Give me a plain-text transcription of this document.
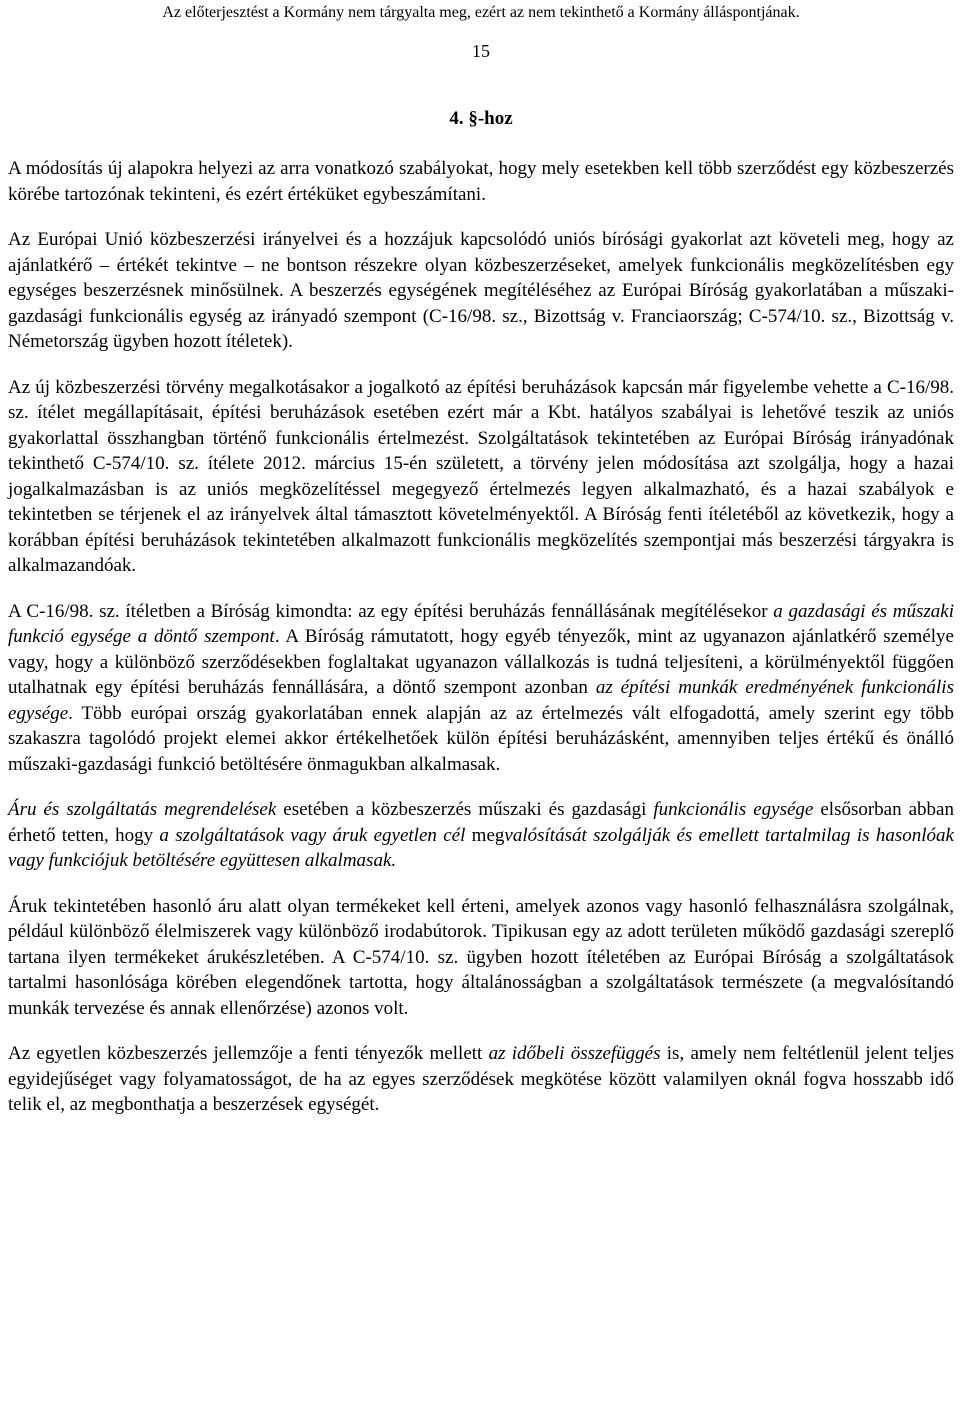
Az előterjesztést a Kormány nem tárgyalta meg, ezért az nem tekinthető a Kormány álláspontjának.
15
4. §-hoz

A módosítás új alapokra helyezi az arra vonatkozó szabályokat, hogy mely esetekben kell több szerződést egy közbeszerzés körébe tartozónak tekinteni, és ezért értéküket egybeszámítani.

Az Európai Unió közbeszerzési irányelvei és a hozzájuk kapcsolódó uniós bírósági gyakorlat azt követeli meg, hogy az ajánlatkérő – értékét tekintve – ne bontson részekre olyan közbeszerzéseket, amelyek funkcionális megközelítésben egy egységes beszerzésnek minősülnek. A beszerzés egységének megítéléséhez az Európai Bíróság gyakorlatában a műszaki-gazdasági funkcionális egység az irányadó szempont (C-16/98. sz., Bizottság v. Franciaország; C-574/10. sz., Bizottság v. Németország ügyben hozott ítéletek).

Az új közbeszerzési törvény megalkotásakor a jogalkotó az építési beruházások kapcsán már figyelembe vehette a C-16/98. sz. ítélet megállapításait, építési beruházások esetében ezért már a Kbt. hatályos szabályai is lehetővé teszik az uniós gyakorlattal összhangban történő funkcionális értelmezést. Szolgáltatások tekintetében az Európai Bíróság irányadónak tekinthető C-574/10. sz. ítélete 2012. március 15-én született, a törvény jelen módosítása azt szolgálja, hogy a hazai jogalkalmazásban is az uniós megközelítéssel megegyező értelmezés legyen alkalmazható, és a hazai szabályok e tekintetben se térjenek el az irányelvek által támasztott követelményektől. A Bíróság fenti ítéletéből az következik, hogy a korábban építési beruházások tekintetében alkalmazott funkcionális megközelítés szempontjai más beszerzési tárgyakra is alkalmazandóak.

A C-16/98. sz. ítéletben a Bíróság kimondta: az egy építési beruházás fennállásának megítélésekor a gazdasági és műszaki funkció egysége a döntő szempont. A Bíróság rámutatott, hogy egyéb tényezők, mint az ugyanazon ajánlatkérő személye vagy, hogy a különböző szerződésekben foglaltakat ugyanazon vállalkozás is tudná teljesíteni, a körülményektől függően utalhatnak egy építési beruházás fennállására, a döntő szempont azonban az építési munkák eredményének funkcionális egysége. Több európai ország gyakorlatában ennek alapján az az értelmezés vált elfogadottá, amely szerint egy több szakaszra tagolódó projekt elemei akkor értékelhetőek külön építési beruházásként, amennyiben teljes értékű és önálló műszaki-gazdasági funkció betöltésére önmagukban alkalmasak.

Áru és szolgáltatás megrendelések esetében a közbeszerzés műszaki és gazdasági funkcionális egysége elsősorban abban érhető tetten, hogy a szolgáltatások vagy áruk egyetlen cél megvalósítását szolgálják és emellett tartalmilag is hasonlóak vagy funkciójuk betöltésére együttesen alkalmasak.

Áruk tekintetében hasonló áru alatt olyan termékeket kell érteni, amelyek azonos vagy hasonló felhasználásra szolgálnak, például különböző élelmiszerek vagy különböző irodabútorok. Tipikusan egy az adott területen működő gazdasági szereplő tartana ilyen termékeket árukészletében. A C-574/10. sz. ügyben hozott ítéletében az Európai Bíróság a szolgáltatások tartalmi hasonlósága körében elegendőnek tartotta, hogy általánosságban a szolgáltatások természete (a megvalósítandó munkák tervezése és annak ellenőrzése) azonos volt.

Az egyetlen közbeszerzés jellemzője a fenti tényezők mellett az időbeli összefüggés is, amely nem feltétlenül jelent teljes egyidejűséget vagy folyamatosságot, de ha az egyes szerződések megkötése között valamilyen oknál fogva hosszabb idő telik el, az megbonthatja a beszerzések egységét.
